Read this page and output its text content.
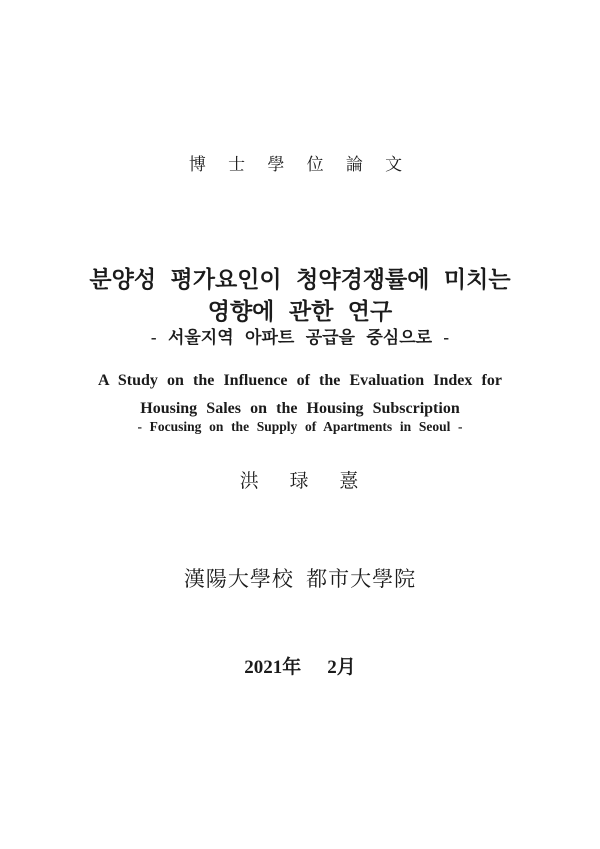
博 士 學 位 論 文
분양성 평가요인이 청약경쟁률에 미치는
영향에 관한 연구
- 서울지역 아파트 공급을 중심으로 -
A Study on the Influence of the Evaluation Index for
Housing Sales on the Housing Subscription
- Focusing on the Supply of Apartments in Seoul -
洪 琭 憙
漢陽大學校 都市大學院
2021年 2月
